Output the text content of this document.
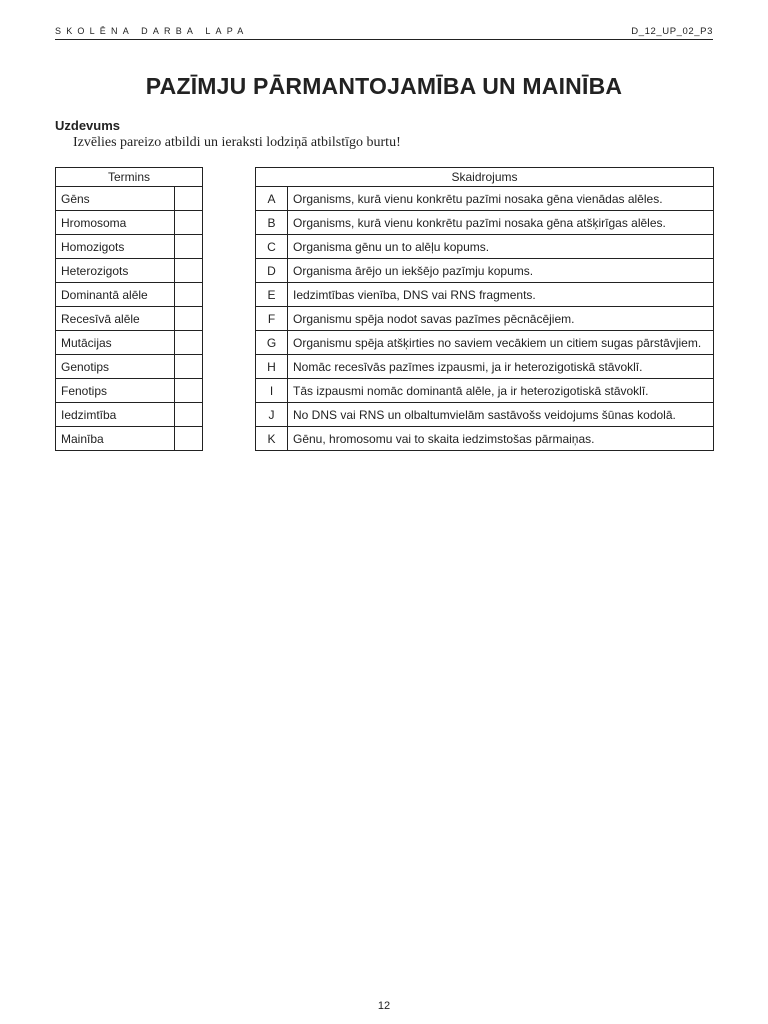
SKOLĒNA DARBA LAPA	D_12_UP_02_P3
PAZĪMJU PĀRMANTOJAMĪBA UN MAINĪBA
Uzdevums
Izvēlies pareizo atbildi un ieraksti lodziņā atbilstīgo burtu!
Termins	
Gēns	
Hromosoma	
Homozigots	
Heterozigots	
Dominantā alēle	
Recesīvā alēle	
Mutācijas	
Genotips	
Fenotips	
Iedzimtība	
Mainība	
Skaidrojums	
A	Organisms, kurā vienu konkrētu pazīmi nosaka gēna vienādas alēles.
B	Organisms, kurā vienu konkrētu pazīmi nosaka gēna atšķirīgas alēles.
C	Organisma gēnu un to alēļu kopums.
D	Organisma ārējo un iekšējo pazīmju kopums.
E	Iedzimtības vienība, DNS vai RNS fragments.
F	Organismu spēja nodot savas pazīmes pēcnācējiem.
G	Organismu spēja atšķirties no saviem vecākiem un citiem sugas pārstāvjiem.
H	Nomāc recesīvās pazīmes izpausmi, ja ir heterozigotiskā stāvoklī.
I	Tās izpausmi nomāc dominantā alēle, ja ir heterozigotiskā stāvoklī.
J	No DNS vai RNS un olbaltumvielām sastāvošs veidojums šūnas kodolā.
K	Gēnu, hromosomu vai to skaita iedzimstošas pārmaiņas.
12
